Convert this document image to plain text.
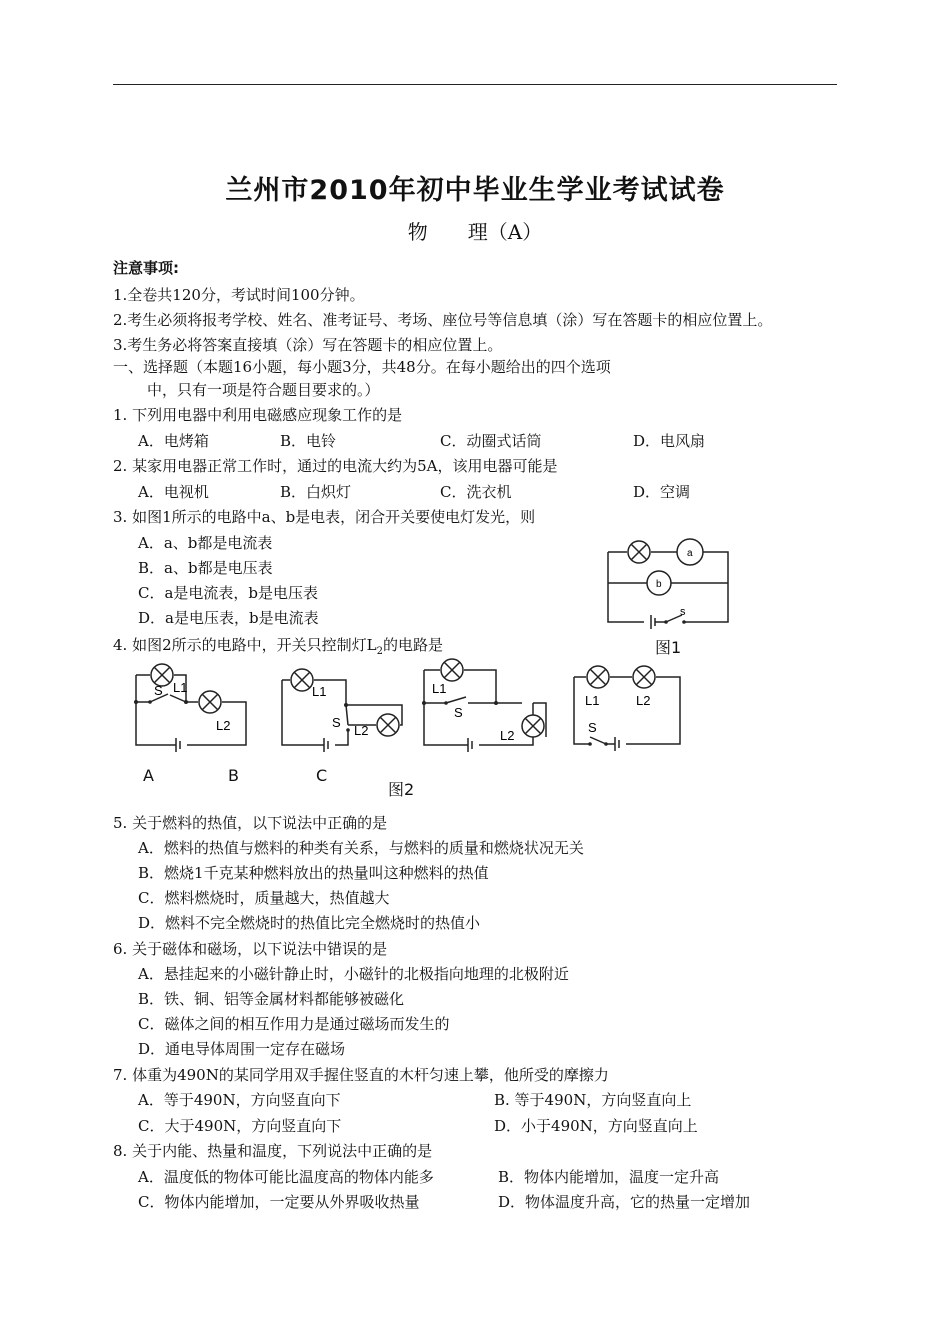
兰州市2010年初中毕业生学业考试试卷
物　　理（A）
注意事项:
1.全卷共120分，考试时间100分钟。
2.考生必须将报考学校、姓名、准考证号、考场、座位号等信息填（涂）写在答题卡的相应位置上。
3.考生务必将答案直接填（涂）写在答题卡的相应位置上。
一、选择题（本题16小题，每小题3分，共48分。在每小题给出的四个选项
中，只有一项是符合题目要求的。）
1. 下列用电器中利用电磁感应现象工作的是
A．电烤箱	B．电铃	C．动圈式话筒	D．电风扇
2. 某家用电器正常工作时，通过的电流大约为5A，该用电器可能是
A．电视机	B．白炽灯	C．洗衣机	D．空调
3. 如图1所示的电路中a、b是电表，闭合开关要使电灯发光，则
A．a、b都是电流表
B．a、b都是电压表
C．a是电流表，b是电压表
D．a是电压表，b是电流表
a
b
s
图1
4. 如图2所示的电路中，开关只控制灯$L_2$的电路是
S L1
L2
L1
S
L2
L1
S
L2
L1	L2
S
A	B	C
图2
5. 关于燃料的热值，以下说法中正确的是
A．燃料的热值与燃料的种类有关系，与燃料的质量和燃烧状况无关
B．燃烧1千克某种燃料放出的热量叫这种燃料的热值
C．燃料燃烧时，质量越大，热值越大
D．燃料不完全燃烧时的热值比完全燃烧时的热值小
6. 关于磁体和磁场，以下说法中错误的是
A．悬挂起来的小磁针静止时，小磁针的北极指向地理的北极附近
B．铁、铜、铝等金属材料都能够被磁化
C．磁体之间的相互作用力是通过磁场而发生的
D．通电导体周围一定存在磁场
7. 体重为490N的某同学用双手握住竖直的木杆匀速上攀，他所受的摩擦力
A．等于490N，方向竖直向下	B. 等于490N，方向竖直向上
C．大于490N，方向竖直向下	D．小于490N，方向竖直向上
8. 关于内能、热量和温度，下列说法中正确的是
A．温度低的物体可能比温度高的物体内能多	B．物体内能增加，温度一定升高
C．物体内能增加，一定要从外界吸收热量	D．物体温度升高，它的热量一定增加
